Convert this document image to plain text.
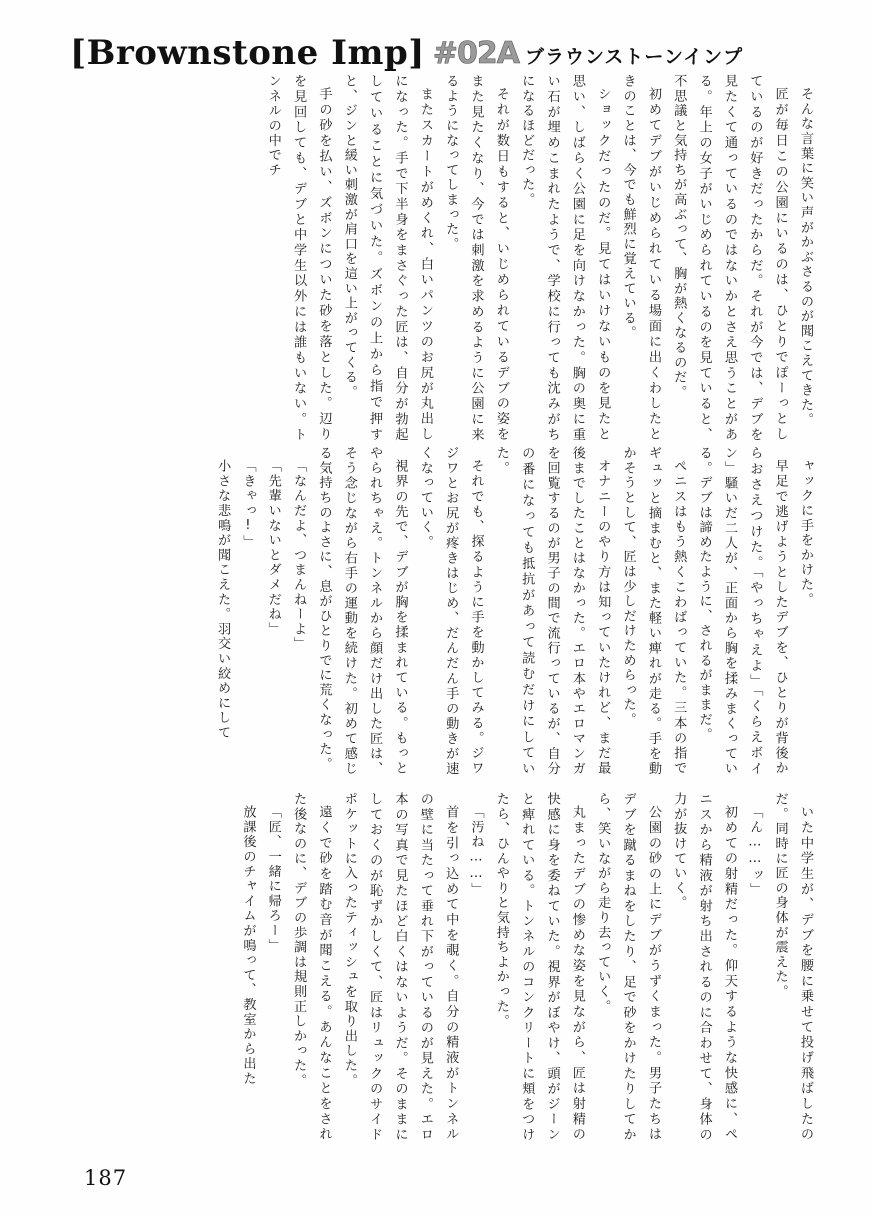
[Brownstone Imp] #02A ブラウンストーンインプ

そんな言葉に笑い声がかぶさるのが聞こえてきた。

匠が毎日この公園にいるのは、ひとりでぽーっとしているのが好きだったからだ。それが今では、デブを見たくて通っているのではないかとさえ思うことがある。年上の女子がいじめられているのを見ていると、不思議と気持ちが高ぶって、胸が熱くなるのだ。

初めてデブがいじめられている場面に出くわしたときのことは、今でも鮮烈に覚えている。

ショックだったのだ。見てはいけないものを見たと思い、しばらく公園に足を向けなかった。胸の奥に重い石が埋めこまれたようで、学校に行っても沈みがちになるほどだった。

それが数日もすると、いじめられているデブの姿をまた見たくなり、今では刺激を求めるように公園に来るようになってしまった。

またスカートがめくれ、白いパンツのお尻が丸出しになった。手で下半身をまさぐった匠は、自分が勃起していることに気づいた。ズボンの上から指で押すと、ジンと緩い刺激が肩口を這い上がってくる。

手の砂を払い、ズボンについた砂を落とした。辺りを見回しても、デブと中学生以外には誰もいない。トンネルの中でチ

ャックに手をかけた。

早足で逃げようとしたデブを、ひとりが背後からおさえつけた。「やっちゃえよ」「くらえボイン」騒いだ二人が、正面から胸を揉みまくっている。デブは諦めたように、されるがままだ。

ペニスはもう熱くこわばっていた。三本の指でギュッと摘まむと、また軽い痺れが走る。手を動かそうとして、匠は少しだけためらった。

オナニーのやり方は知っていたけれど、まだ最後までしたことはなかった。エロ本やエロマンガを回覧するのが男子の間で流行っているが、自分の番になっても抵抗があって読むだけにしていた。

それでも、探るように手を動かしてみる。ジワジワとお尻が疼きはじめ、だんだん手の動きが速くなっていく。

視界の先で、デブが胸を揉まれている。もっとやられちゃえ。トンネルから顔だけ出した匠は、そう念じながら右手の運動を続けた。初めて感じる気持ちのよさに、息がひとりでに荒くなった。

「なんだよ、つまんねーよ」

「先輩いないとダメだね」

「きゃっ!」

小さな悲鳴が聞こえた。羽交い絞めにして

いた中学生が、デブを腰に乗せて投げ飛ばしたのだ。同時に匠の身体が震えた。

「ん……ッ」

初めての射精だった。仰天するような快感に、ペニスから精液が射ち出されるのに合わせて、身体の力が抜けていく。

公園の砂の上にデブがうずくまった。男子たちはデブを蹴るまねをしたり、足で砂をかけたりしてから、笑いながら走り去っていく。

丸まったデブの惨めな姿を見ながら、匠は射精の快感に身を委ねていた。視界がぼやけ、頭がジーンと痺れている。トンネルのコンクリートに頬をつけたら、ひんやりと気持ちよかった。

「汚ね……」

首を引っ込めて中を覗く。自分の精液がトンネルの壁に当たって垂れ下がっているのが見えた。エロ本の写真で見たほど白くはないようだ。そのままにしておくのが恥ずかしくて、匠はリュックのサイドポケットに入ったティッシュを取り出した。

遠くで砂を踏む音が聞こえる。あんなことをされた後なのに、デブの歩調は規則正しかった。

「匠、一緒に帰ろー」

放課後のチャイムが鳴って、教室から出た

187
